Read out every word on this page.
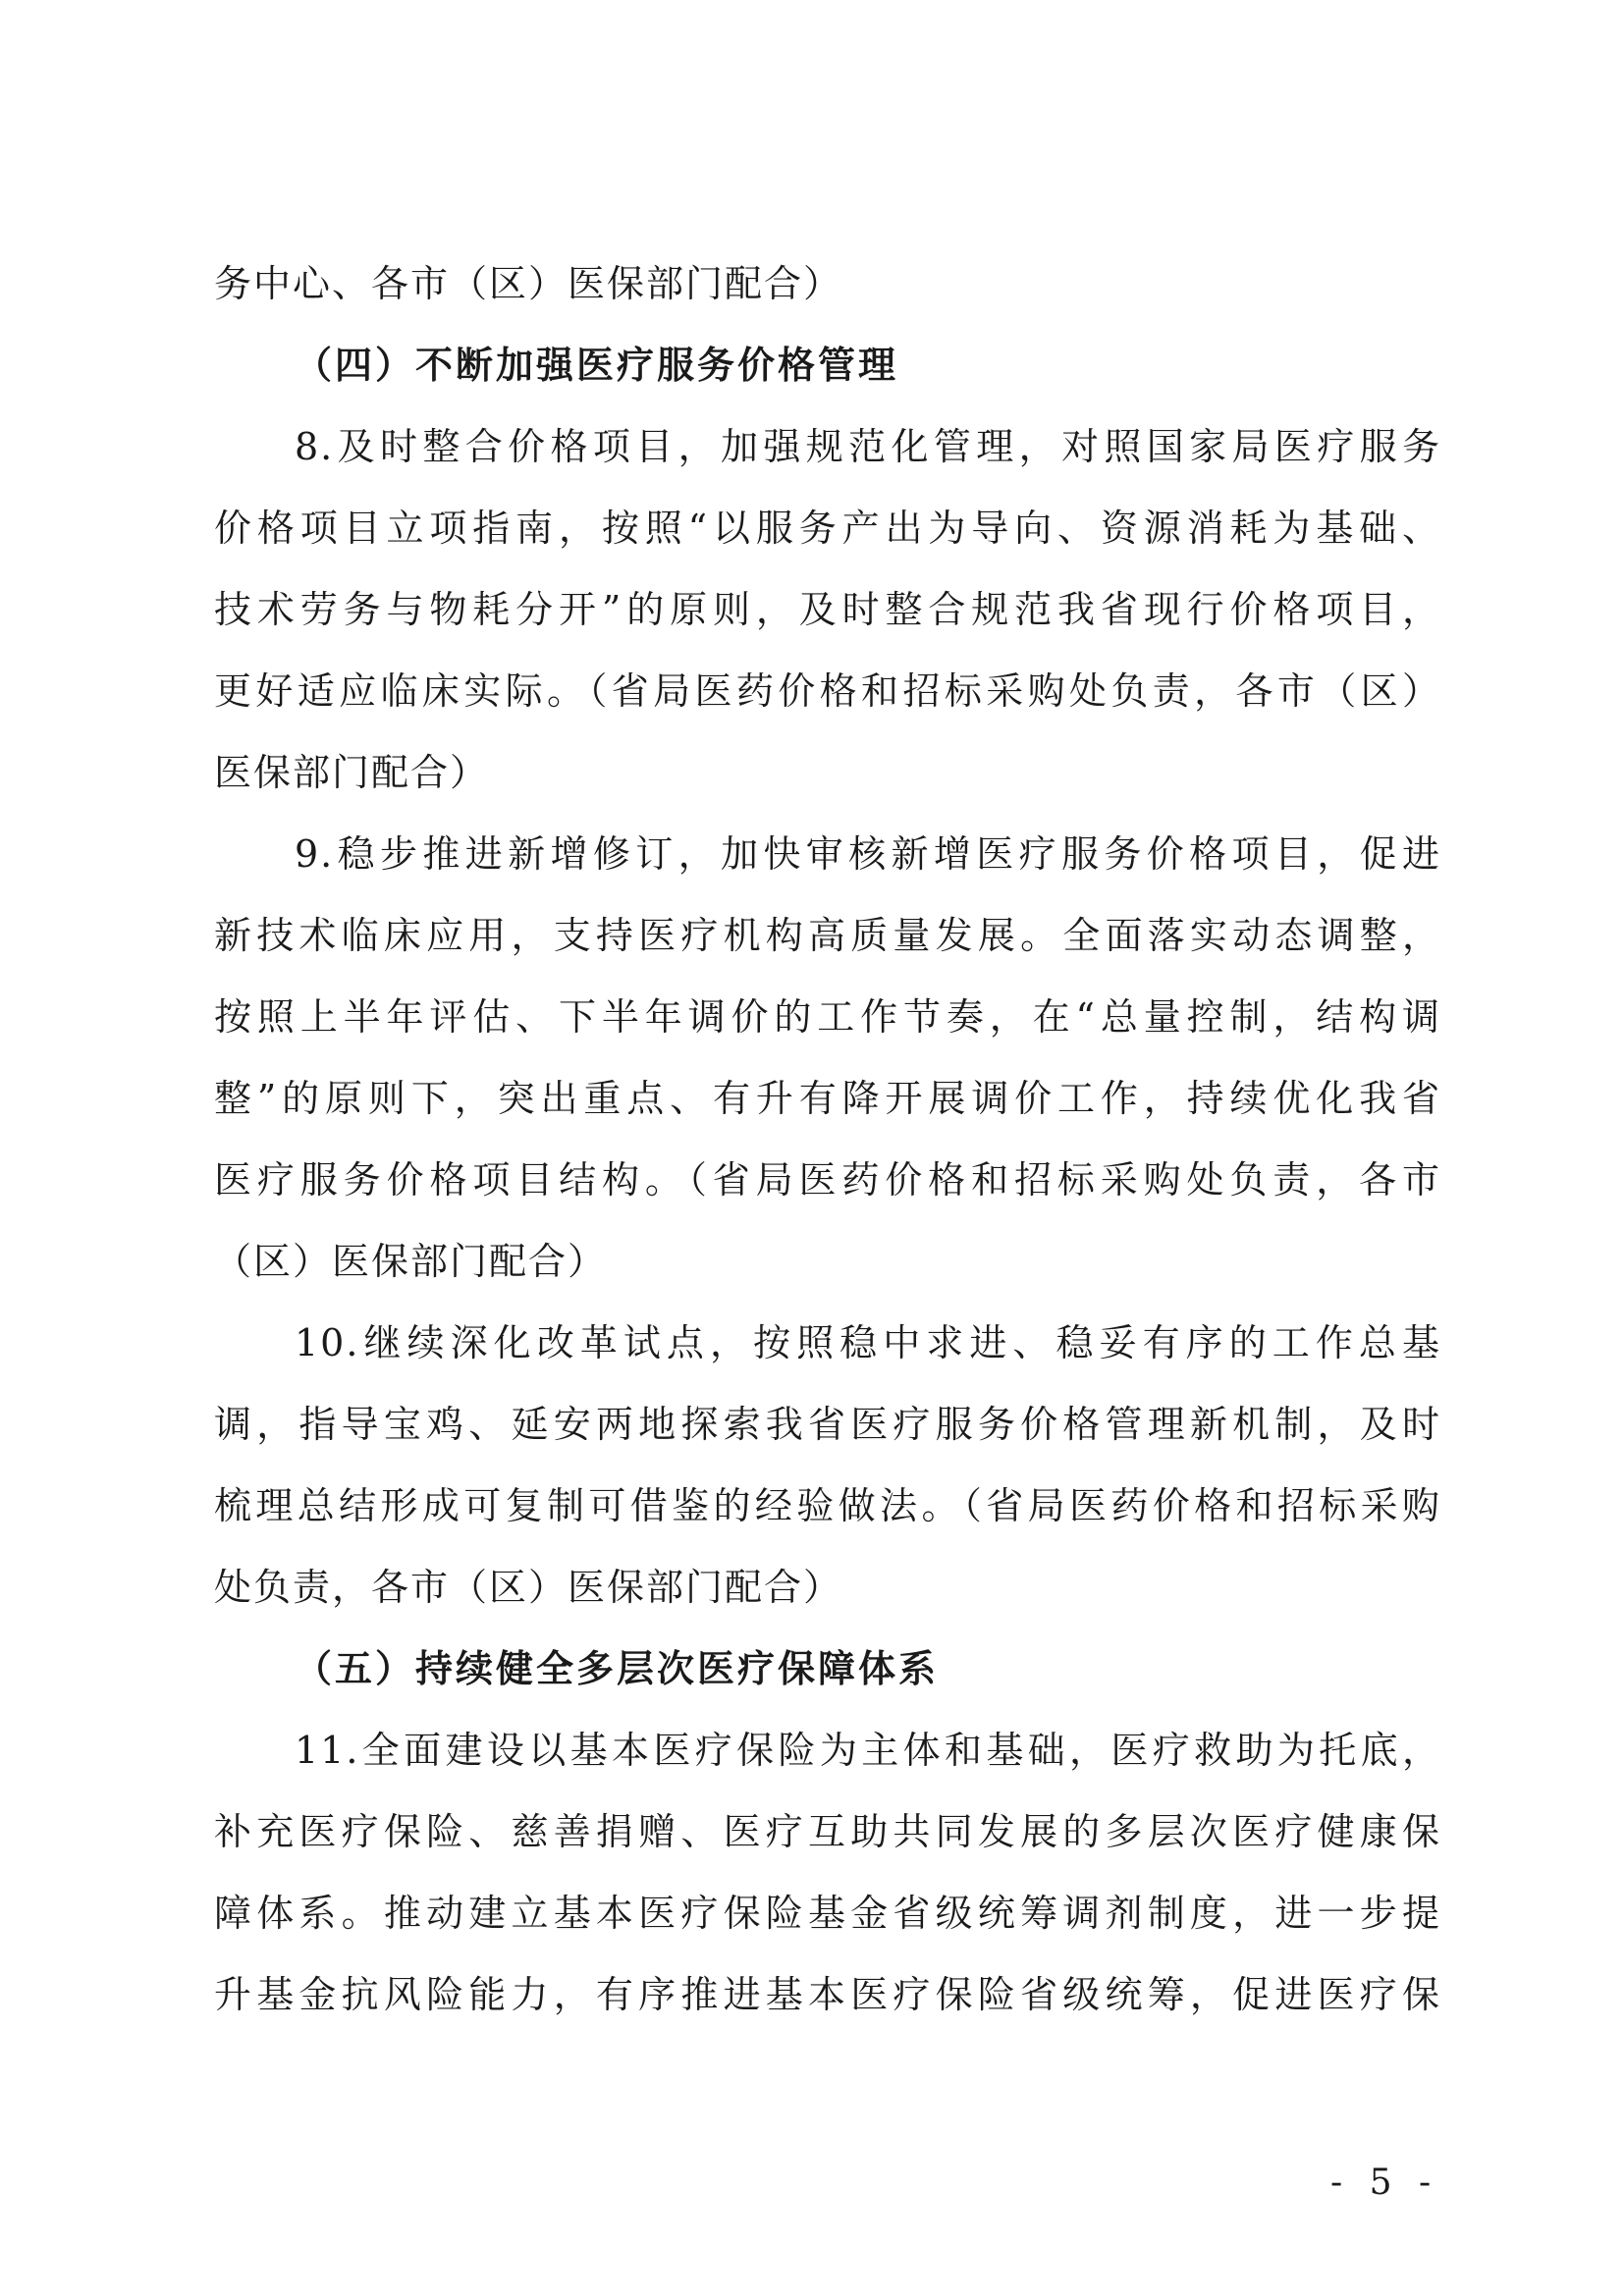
务中心、各市（区）医保部门配合）
（四）不断加强医疗服务价格管理
8.及时整合价格项目，加强规范化管理，对照国家局医疗服务
价格项目立项指南，按照“以服务产出为导向、资源消耗为基础、
技术劳务与物耗分开”的原则，及时整合规范我省现行价格项目，
更好适应临床实际。（省局医药价格和招标采购处负责，各市（区）
医保部门配合）
9.稳步推进新增修订，加快审核新增医疗服务价格项目，促进
新技术临床应用，支持医疗机构高质量发展。全面落实动态调整，
按照上半年评估、下半年调价的工作节奏，在“总量控制，结构调
整”的原则下，突出重点、有升有降开展调价工作，持续优化我省
医疗服务价格项目结构。（省局医药价格和招标采购处负责，各市
（区）医保部门配合）
10.继续深化改革试点，按照稳中求进、稳妥有序的工作总基
调，指导宝鸡、延安两地探索我省医疗服务价格管理新机制，及时
梳理总结形成可复制可借鉴的经验做法。（省局医药价格和招标采购
处负责，各市（区）医保部门配合）
（五）持续健全多层次医疗保障体系
11.全面建设以基本医疗保险为主体和基础，医疗救助为托底，
补充医疗保险、慈善捐赠、医疗互助共同发展的多层次医疗健康保
障体系。推动建立基本医疗保险基金省级统筹调剂制度，进一步提
升基金抗风险能力，有序推进基本医疗保险省级统筹，促进医疗保
- 5 -
